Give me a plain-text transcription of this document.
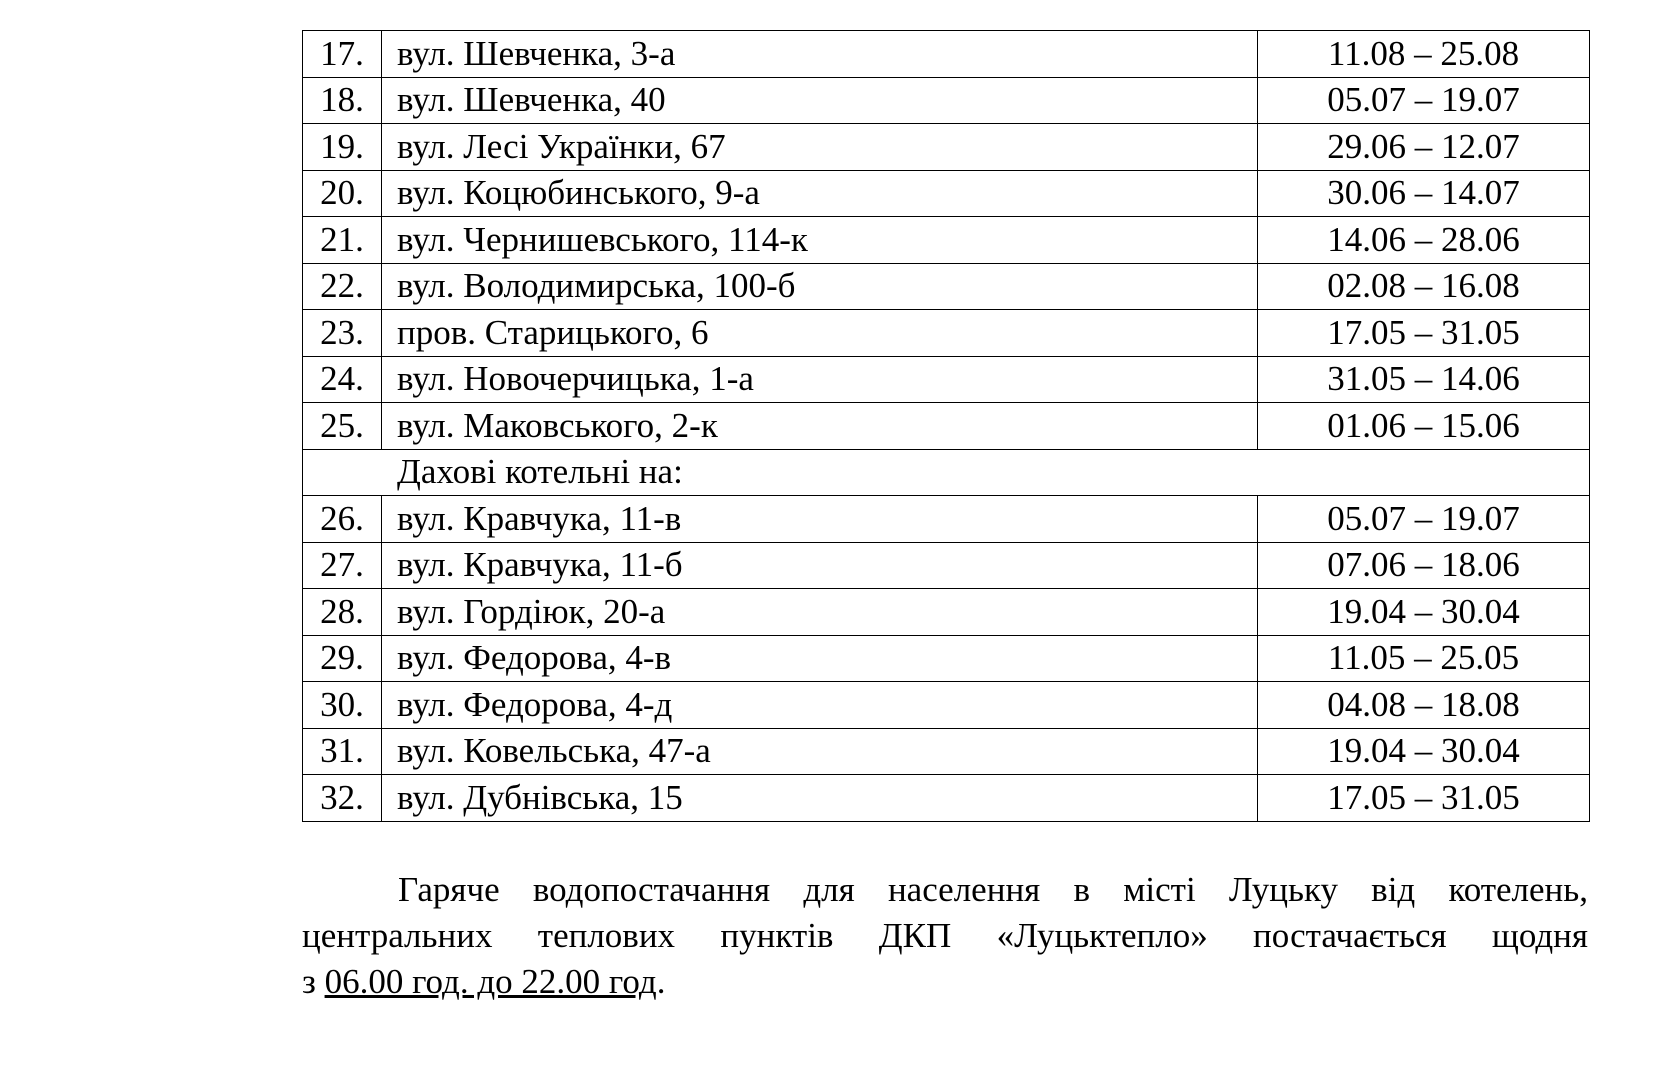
17.	вул. Шевченка, 3-а	11.08 – 25.08
18.	вул. Шевченка, 40	05.07 – 19.07
19.	вул. Лесі Українки, 67	29.06 – 12.07
20.	вул. Коцюбинського, 9-а	30.06 – 14.07
21.	вул. Чернишевського, 114-к	14.06 – 28.06
22.	вул. Володимирська, 100-б	02.08 – 16.08
23.	пров. Старицького, 6	17.05 – 31.05
24.	вул. Новочерчицька, 1-а	31.05 – 14.06
25.	вул. Маковського, 2-к	01.06 – 15.06
Дахові котельні на:		
26.	вул. Кравчука, 11-в	05.07 – 19.07
27.	вул. Кравчука, 11-б	07.06 – 18.06
28.	вул. Гордіюк, 20-а	19.04 – 30.04
29.	вул. Федорова, 4-в	11.05 – 25.05
30.	вул. Федорова, 4-д	04.08 – 18.08
31.	вул. Ковельська, 47-а	19.04 – 30.04
32.	вул. Дубнівська, 15	17.05 – 31.05
Гаряче водопостачання для населення в місті Луцьку від котелень,
центральних теплових пунктів ДКП «Луцьктепло» постачається щодня
з 06.00 год. до 22.00 год.
